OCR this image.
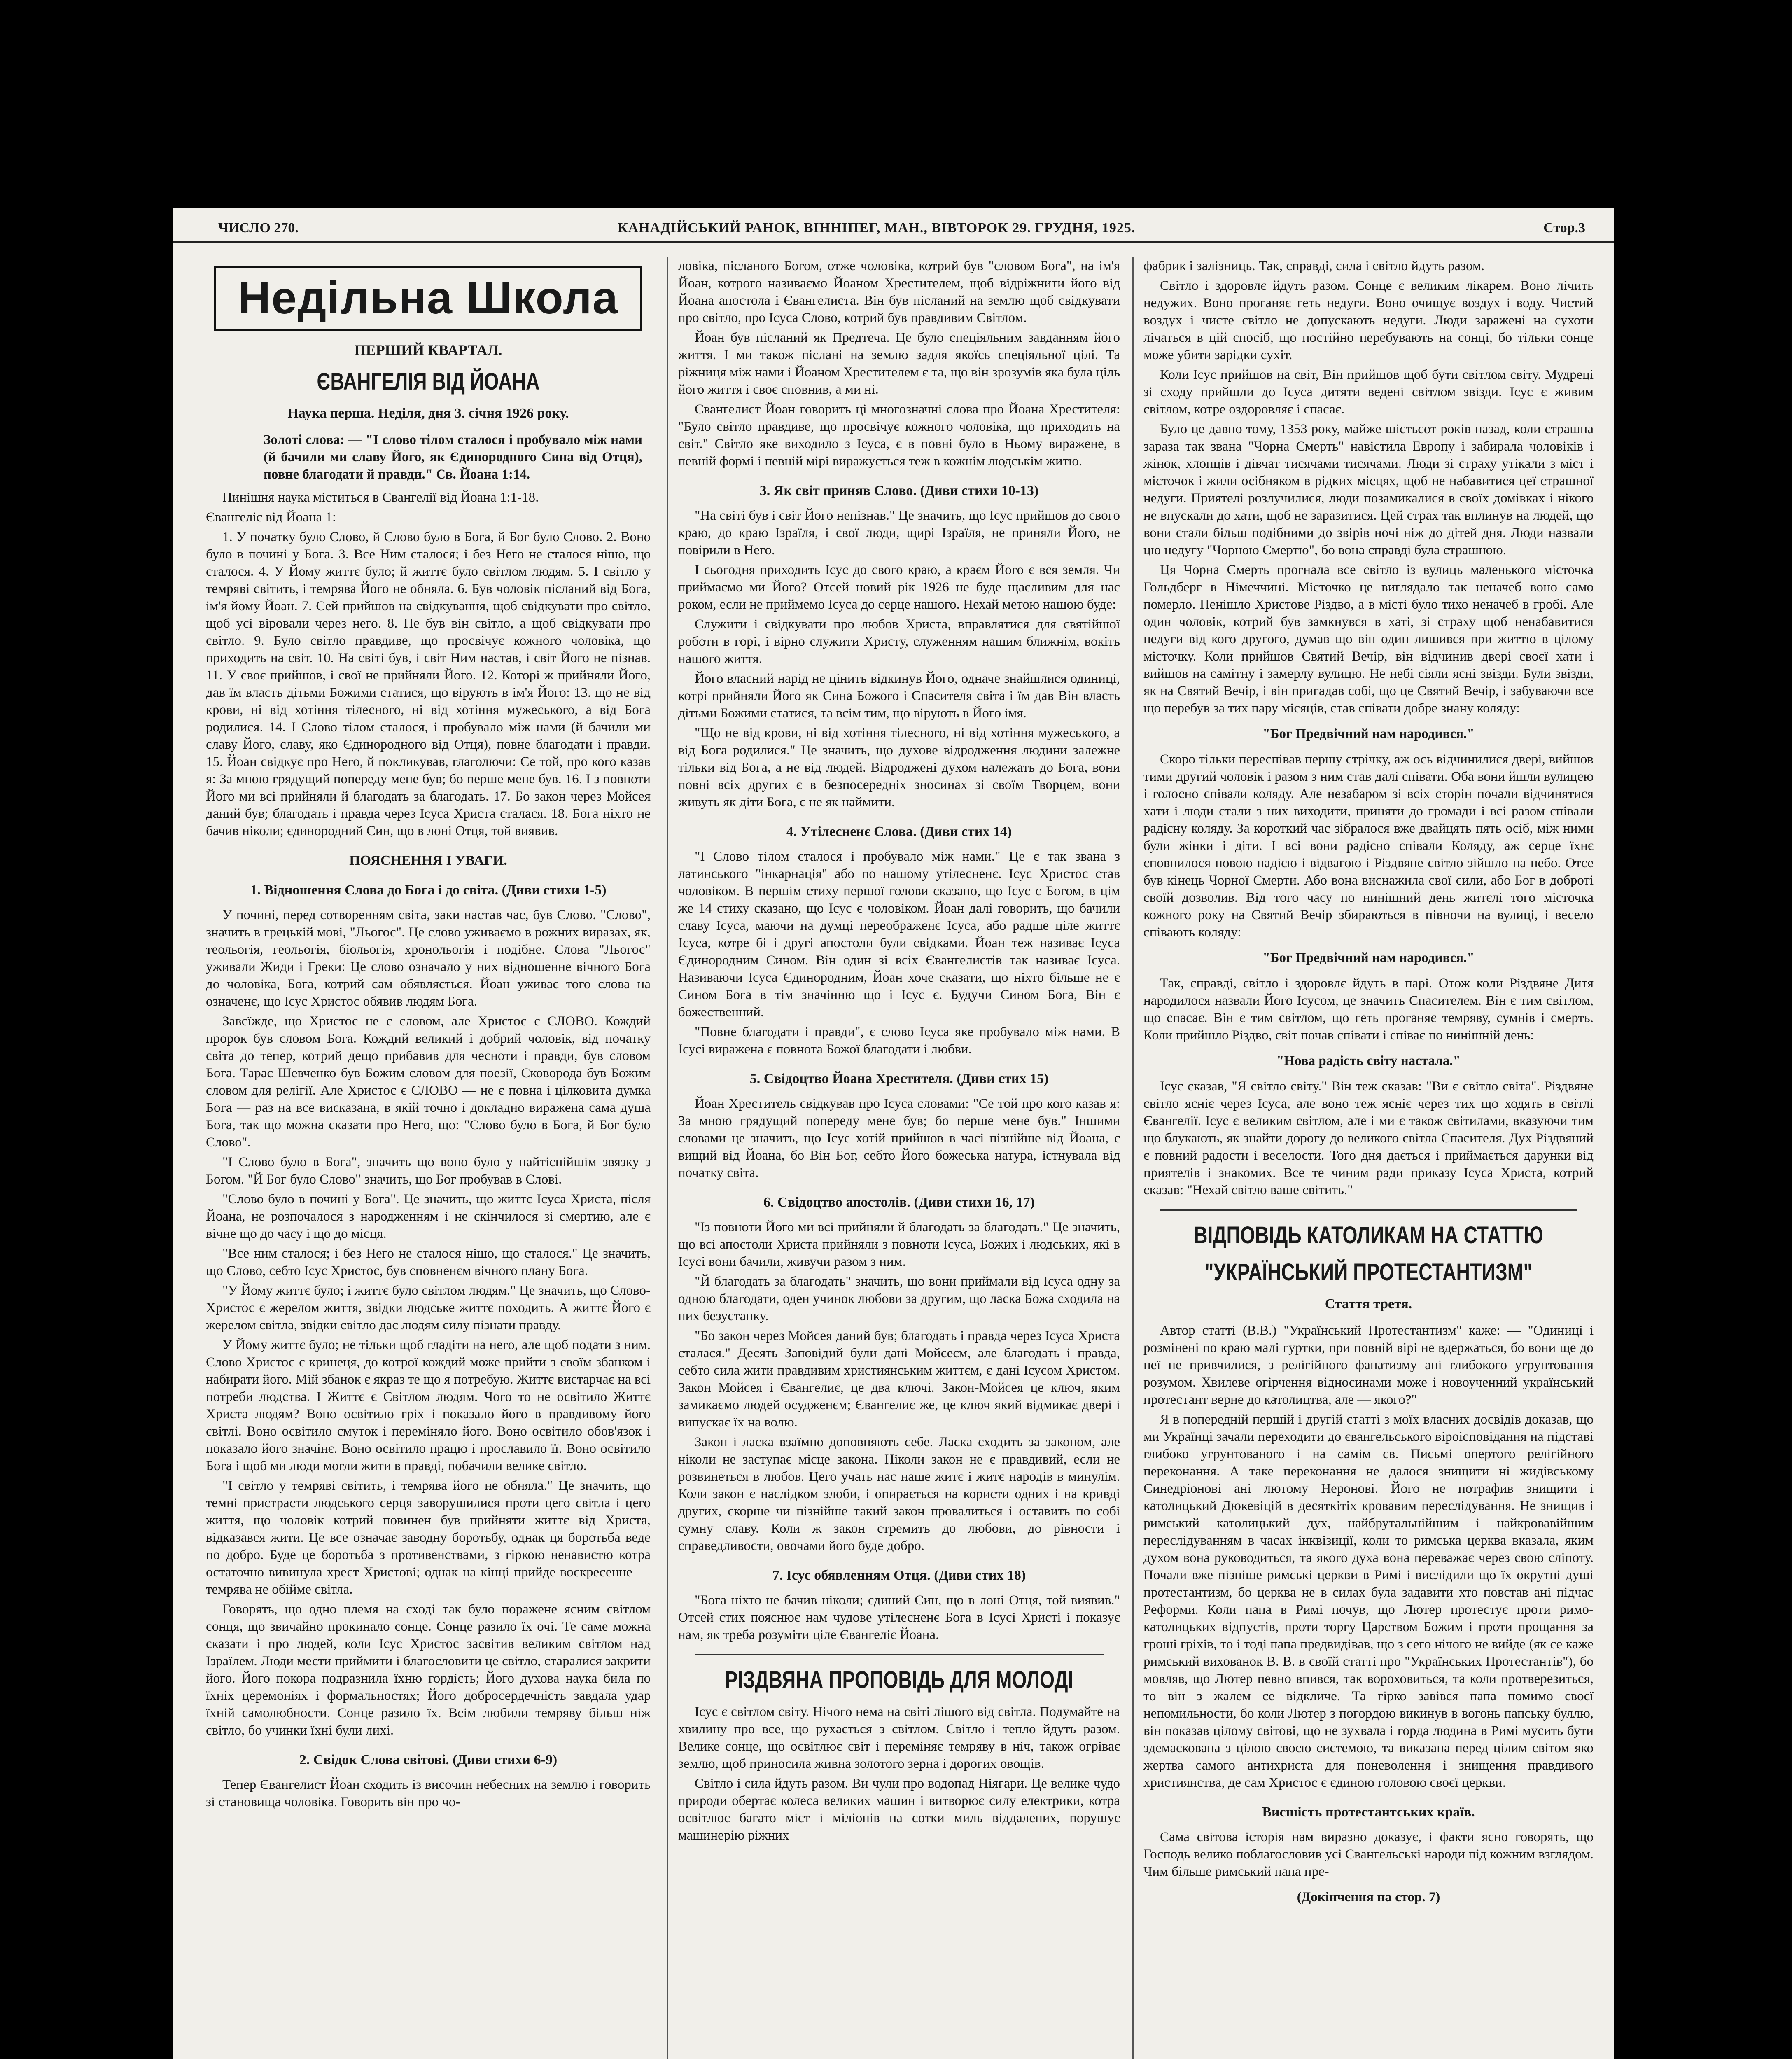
ЧИСЛО 270.	КАНАДІЙСЬКИЙ РАНОК, ВІННІПЕГ, МАН., ВІВТОРОК 29. ГРУДНЯ, 1925.	Стор.3
Недільна Школа

ПЕРШИЙ КВАРТАЛ.

ЄВАНГЕЛІЯ ВІД ЙОАНА

Наука перша. Неділя, дня 3. січня 1926 року.

Золоті слова: — "І слово тілом сталося і пробувало між нами (й бачили ми славу Його, як Єдинородного Сина від Отця), повне благодати й правди." Єв. Йоана 1:14.

Нинішня наука міститься в Євангелії від Йоана 1:1-18.

Євангеліє від Йоана 1:

1. У початку було Слово, й Слово було в Бога, й Бог було Слово. 2. Воно було в почині у Бога. 3. Все Ним сталося; і без Него не сталося нішо, що сталося. 4. У Йому життє було; й життє було світлом людям. 5. І світло у темряві світить, і темрява Його не обняла. 6. Був чоловік післаний від Бога, ім'я йому Йоан. 7. Сей прийшов на свідкування, щоб свідкувати про світло, щоб усі віровали через него. 8. Не був він світло, а щоб свідкувати про світло. 9. Було світло правдиве, що просвічує кожного чоловіка, що приходить на світ. 10. На світі був, і світ Ним настав, і світ Його не пізнав. 11. У своє прийшов, і свої не прийняли Його. 12. Которі ж прийняли Його, дав їм власть дітьми Божими статися, що вірують в ім'я Його: 13. що не від крови, ні від хотіння тілесного, ні від хотіння мужеського, а від Бога родилися. 14. І Слово тілом сталося, і пробувало між нами (й бачили ми славу Його, славу, яко Єдинородного від Отця), повне благодати і правди. 15. Йоан свідкує про Него, й покликував, глаголючи: Се той, про кого казав я: За мною грядущий попереду мене був; бо перше мене був. 16. І з повноти Його ми всі прийняли й благодать за благодать. 17. Бо закон через Мойсея даний був; благодать і правда через Ісуса Христа сталася. 18. Бога ніхто не бачив ніколи; єдинородний Син, що в лоні Отця, той виявив.

ПОЯСНЕННЯ І УВАГИ.

1. Відношення Слова до Бога і до світа. (Диви стихи 1-5)

У почині, перед сотворенням світа, заки настав час, був Слово. "Слово", значить в грецькій мові, "Льогос". Це слово уживаємо в рожних виразах, як, теольогія, геольогія, біольогія, хронольогія і подібне. Слова "Льогос" уживали Жиди і Греки: Це слово означало у них відношенне вічного Бога до чоловіка, Бога, котрий сам обявляється. Йоан уживає того слова на означенє, що Ісус Христос обявив людям Бога.

Завсїжде, що Христос не є словом, але Христос є СЛОВО. Кождий пророк був словом Бога. Кождий великий і добрий чоловік, від початку світа до тепер, котрий дещо прибавив для чесноти і правди, був словом Бога. Тарас Шевченко був Божим словом для поезії, Сковорода був Божим словом для релігії. Але Христос є СЛОВО — не є повна і цілковита думка Бога — раз на все висказана, в якій точно і докладно виражена сама душа Бога, так що можна сказати про Него, що: "Слово було в Бога, й Бог було Слово".

"І Слово було в Бога", значить що воно було у найтіснійшім звязку з Богом. "Й Бог було Слово" значить, що Бог пробував в Слові.

"Слово було в почині у Бога". Це значить, що життє Ісуса Христа, після Йоана, не розпочалося з народженням і не скінчилося зі смертию, але є вічне що до часу і що до місця.

"Все ним сталося; і без Него не сталося нішо, що сталося." Це значить, що Слово, себто Ісус Христос, був сповненєм вічного плану Бога.

"У Йому життє було; і життє було світлом людям." Це значить, що Слово-Христос є жерелом життя, звідки людське життє походить. А життє Його є жерелом світла, звідки світло дає людям силу пізнати правду.

У Йому життє було; не тільки щоб гладіти на него, але щоб подати з ним. Слово Христос є кринеця, до котрої кождий може прийти з своїм збанком і набирати його. Мій збанок є якраз те що я потребую. Життє вистарчає на всі потреби людства. І Життє є Світлом людям. Чого то не освітило Життє Христа людям? Воно освітило гріх і показало його в правдивому його світлі. Воно освітило смуток і переміняло його. Воно освітило обов'язок і показало його значінє. Воно освітило працю і прославило її. Воно освітило Бога і щоб ми люди могли жити в правді, побачили велике світло.

"І світло у темряві світить, і темрява його не обняла." Це значить, що темні пристрасти людського серця заворушилися проти цего світла і цего життя, що чоловік котрий повинен був прийняти життє від Христа, відказався жити. Це все означає заводну боротьбу, однак ця боротьба веде по добро. Буде це боротьба з противенствами, з гіркою ненавистю котра остаточно вивинула хрест Христові; однак на кінці прийде воскресенне — темрява не обійме світла.

Говорять, що одно племя на сході так було поражене ясним світлом сонця, що звичайно прокинало сонце. Сонце разило їх очі. Те саме можна сказати і про людей, коли Ісус Христос засвітив великим світлом над Ізраїлем. Люди мести приймити і благословити це світло, старалися закрити його. Його покора подразнила їхню гордість; Його духова наука била по їхніх церемоніях і формальностях; Його добросердечність завдала удар їхній самолюбности. Сонце разило їх. Всім любили темряву більш ніж світло, бо учинки їхні були лихі.

2. Свідок Слова світові. (Диви стихи 6-9)

Тепер Євангелист Йоан сходить із височин небесних на землю і говорить зі становища чоловіка. Говорить він про чо-

ловіка, післаного Богом, отже чоловіка, котрий був "словом Бога", на ім'я Йоан, котрого називаємо Йоаном Хрестителем, щоб відріжнити його від Йоана апостола і Євангелиста. Він був післаний на землю щоб свідкувати про світло, про Ісуса Слово, котрий був правдивим Світлом.

Йоан був післаний як Предтеча. Це було спеціяльним завданням його життя. І ми також післані на землю задля якоїсь спеціяльної цілі. Та ріжниця між нами і Йоаном Хрестителем є та, що він зрозумів яка була ціль його життя і своє сповнив, а ми ні.

Євангелист Йоан говорить ці многозначні слова про Йоана Хрестителя: "Було світло правдиве, що просвічує кожного чоловіка, що приходить на світ." Світло яке виходило з Ісуса, є в повні було в Ньому виражене, в певній формі і певній мірі виражується теж в кожнім людськім житю.

3. Як світ приняв Слово. (Диви стихи 10-13)

"На світі був і світ Його непізнав." Це значить, що Ісус прийшов до свого краю, до краю Ізраїля, і свої люди, щирі Ізраїля, не приняли Його, не повірили в Него.

І сьогодня приходить Ісус до свого краю, а краєм Його є вся земля. Чи приймаємо ми Його? Отсей новий рік 1926 не буде щасливим для нас роком, если не приймемо Ісуса до серце нашого. Нехай метою нашою буде:

Служити і свідкувати про любов Христа, вправлятися для святійшої роботи в горі, і вірно служити Христу, служенням нашим ближнім, вокіть нашого життя.

Його власний нарід не цінить відкинув Його, одначе знайшлися одиниці, котрі прийняли Його як Сина Божого і Спасителя світа і їм дав Він власть дітьми Божими статися, та всім тим, що вірують в Його імя.

"Що не від крови, ні від хотіння тілесного, ні від хотіння мужеського, а від Бога родилися." Це значить, що духове відродження людини залежне тільки від Бога, а не від людей. Відроджені духом належать до Бога, вони повні всіх других є в безпосередніх зносинах зі своїм Творцем, вони живуть як діти Бога, є не як наймити.

4. Утілесненє Слова. (Диви стих 14)

"І Слово тілом сталося і пробувало між нами." Це є так звана з латинського "інкарнація" або по нашому утілесненє. Ісус Христос став чоловіком. В першім стиху першої голови сказано, що Ісус є Богом, в цім же 14 стиху сказано, що Ісус є чоловіком. Йоан далі говорить, що бачили славу Ісуса, маючи на думці переображенє Ісуса, або радше ціле життє Ісуса, котре бі і другі апостоли були свідками. Йоан теж називає Ісуса Єдинородним Сином. Він один зі всіх Євангелистів так називає Ісуса. Називаючи Ісуса Єдинородним, Йоан хоче сказати, що ніхто більше не є Сином Бога в тім значінню що і Ісус є. Будучи Сином Бога, Він є божественний.

"Повне благодати і правди", є слово Ісуса яке пробувало між нами. В Ісусі виражена є повнота Божої благодати і любви.

5. Свідоцтво Йоана Хрестителя. (Диви стих 15)

Йоан Хреститель свідкував про Ісуса словами: "Се той про кого казав я: За мною грядущий попереду мене був; бо перше мене був." Іншими словами це значить, що Ісус хотій прийшов в часі пізнійше від Йоана, є вищий від Йоана, бо Він Бог, себто Його божеська натура, істнувала від початку світа.

6. Свідоцтво апостолів. (Диви стихи 16, 17)

"Із повноти Його ми всі прийняли й благодать за благодать." Це значить, що всі апостоли Христа прийняли з повноти Ісуса, Божих і людських, які в Ісусі вони бачили, живучи разом з ним.

"Й благодать за благодать" значить, що вони приймали від Ісуса одну за одною благодати, оден учинок любови за другим, що ласка Божа сходила на них безустанку.

"Бо закон через Мойсея даний був; благодать і правда через Ісуса Христа сталася." Десять Заповідий були дані Мойсеєм, але благодать і правда, себто сила жити правдивим християнським життєм, є дані Ісусом Христом. Закон Мойсея і Євангелиє, це два ключі. Закон-Мойсея це ключ, яким замикаємо людей осудженєм; Євангелиє же, це ключ який відмикає двері і випускає їх на волю.

Закон і ласка взаїмно доповняють себе. Ласка сходить за законом, але ніколи не заступає місце закона. Ніколи закон не є правдивий, если не розвинеться в любов. Цего учать нас наше житє і житє народів в минулім. Коли закон є наслідком злоби, і опирається на користи одних і на кривді других, скорше чи пізнійше такий закон провалиться і оставить по собі сумну славу. Коли ж закон стремить до любови, до рівности і справедливости, овочами його буде добро.

7. Ісус обявленням Отця. (Диви стих 18)

"Бога ніхто не бачив ніколи; єдиний Син, що в лоні Отця, той виявив." Отсей стих пояснює нам чудове утілесненє Бога в Ісусі Христі і показує нам, як треба розуміти ціле Євангеліє Йоана.

РІЗДВЯНА ПРОПОВІДЬ ДЛЯ МОЛОДІ

Ісус є світлом світу. Нічого нема на світі лішого від світла. Подумайте на хвилину про все, що рухається з світлом. Світло і тепло йдуть разом. Велике сонце, що освітлює світ і переміняє темряву в ніч, також огріває землю, щоб приносила живна золотого зерна і дорогих овощів.

Світло і сила йдуть разом. Ви чули про водопад Ніягари. Це велике чудо природи обертає колеса великих машин і витворює силу електрики, котра освітлює багато міст і міліонів на сотки миль віддалених, порушує машинерію ріжних

фабрик і залізниць. Так, справді, сила і світло йдуть разом.

Світло і здоровлє йдуть разом. Сонце є великим лікарем. Воно лічить недужих. Воно проганяє геть недуги. Воно очищує воздух і воду. Чистий воздух і чисте світло не допускають недуги. Люди заражені на сухоти лічаться в цій спосіб, що постійно перебувають на сонці, бо тільки сонце може убити зарідки сухіт.

Коли Ісус прийшов на світ, Він прийшов щоб бути світлом світу. Мудреці зі сходу прийшли до Ісуса дитяти ведені світлом звізди. Ісус є живим світлом, котре оздоровляє і спасає.

Було це давно тому, 1353 року, майже шістьсот років назад, коли страшна зараза так звана "Чорна Смерть" навістила Европу і забирала чоловіків і жінок, хлопців і дівчат тисячами тисячами. Люди зі страху утікали з міст і місточок і жили осібняком в рідких місцях, щоб не набавитися цеї страшної недуги. Приятелі розлучилися, люди позамикалися в своїх домівках і нікого не впускали до хати, щоб не заразитися. Цей страх так вплинув на людей, що вони стали більш подібними до звірів ночі ніж до дітей дня. Люди назвали цю недугу "Чорною Смертю", бо вона справді була страшною.

Ця Чорна Смерть прогнала все світло із вулиць маленького місточка Гольдберг в Німеччині. Місточко це виглядало так неначеб воно само померло. Пенішло Христове Різдво, а в місті було тихо неначеб в гробі. Але один чоловік, котрий був замкнувся в хаті, зі страху щоб ненабавитися недуги від кого другого, думав що він один лишився при життю в цілому місточку. Коли прийшов Святий Вечір, він відчинив двері своєї хати і вийшов на самітну і замерлу вулицю. Не небі сіяли ясні звізди. Були звізди, як на Святий Вечір, і він пригадав собі, що це Святий Вечір, і забуваючи все що перебув за тих пару місяців, став співати добре знану коляду:

"Бог Предвічний нам народився."

Скоро тільки переспівав першу стрічку, аж ось відчинилися двері, вийшов тими другий чоловік і разом з ним став далі співати. Оба вони йшли вулицею і голосно співали коляду. Але незабаром зі всіх сторін почали відчинятися хати і люди стали з них виходити, приняти до громади і всі разом співали радісну коляду. За короткий час зібралося вже двайцять пять осіб, між ними були жінки і діти. І всі вони радісно співали Коляду, аж серце їхнє сповнилося новою надією і відвагою і Різдвяне світло зійшло на небо. Отсе був кінець Чорної Смерти. Або вона виснажила свої сили, або Бог в доброті своїй дозволив. Від того часу по нинішний день житєлі того місточка кожного року на Святий Вечір збираються в півночи на вулиці, і весело співають коляду:

"Бог Предвічний нам народився."

Так, справді, світло і здоровлє йдуть в парі. Отож коли Різдвяне Дитя народилося назвали Його Ісусом, це значить Спасителем. Він є тим світлом, що спасає. Він є тим світлом, що геть проганяє темряву, сумнів і смерть. Коли прийшло Різдво, світ почав співати і співає по нинішній день:

"Нова радість світу настала."

Ісус сказав, "Я світло світу." Він теж сказав: "Ви є світло світа". Різдвяне світло ясніє через Ісуса, але воно теж ясніє через тих що ходять в світлі Євангелії. Ісус є великим світлом, але і ми є також світилами, вказуючи тим що блукають, як знайти дорогу до великого світла Спасителя. Дух Різдвяний є повний радости і веселости. Того дня дається і приймається дарунки від приятелів і знакомих. Все те чиним ради приказу Ісуса Христа, котрий сказав: "Нехай світло ваше світить."

ВІДПОВІДЬ КАТОЛИКАМ НА СТАТТЮ

"УКРАЇНСЬКИЙ ПРОТЕСТАНТИЗМ"

Стаття третя.

Автор статті (В.В.) "Український Протестантизм" каже: — "Одиниці і розмінені по краю малі гуртки, при повній вірі не вдержаться, бо вони ще до неї не привчилися, з релігійного фанатизму ані глибокого угрунтовання розумом. Хвилеве огірчення відносинами може і новоученний український протестант верне до католицтва, але — якого?"

Я в попередній першій і другій статті з моїх власних досвідів доказав, що ми Українці зачали переходити до євангельського віроісповідання на підставі глибоко угрунтованого і на самім св. Письмі опертого релігійного переконання. А таке переконання не далося знищити ні жидівському Синедріонові ані лютому Неронові. Його не потрафив знищити і католицький Дюкевіцій в десяткітіх кровавим переслідування. Не знищив і римський католицький дух, найбрутальнійшим і найкровавійшим переслідуванням в часах інквізиції, коли то римська церква вказала, яким духом вона руководиться, та якого духа вона переважає через свою сліпоту. Почали вже пізніше римські церкви в Римі і вислідили що їх окрутні душі протестантизм, бо церква не в силах була задавити хто повстав ані підчас Реформи. Коли папа в Римі почув, що Лютер протестує проти римо-католицьких відпустів, проти торгу Царством Божим і проти прощання за гроші гріхів, то і тоді папа предвидівав, що з сего нічого не вийде (як се каже римський вихованок В. В. в своїй статті про "Українських Протестантів"), бо мовляв, що Лютер певно впився, так вороховиться, та коли протверезиться, то він з жалем се відкличе. Та гірко завівся папа помимо своєї непомильности, бо коли Лютер з погордою викинув в вогонь папську буллю, він показав цілому світові, що не зухвала і горда людина в Римі мусить бути здемаскована з цілою своєю системою, та виказана перед цілим світом яко жертва самого антихриста для поневолення і знищення правдивого християнства, де сам Христос є єдиною головою своєї церкви.

Висшість протестантських країв.

Сама світова історія нам виразно доказує, і факти ясно говорять, що Господь велико поблагословив усі Євангельські народи під кожним взглядом. Чим більше римський папа пре-

(Докінчення на стор. 7)
